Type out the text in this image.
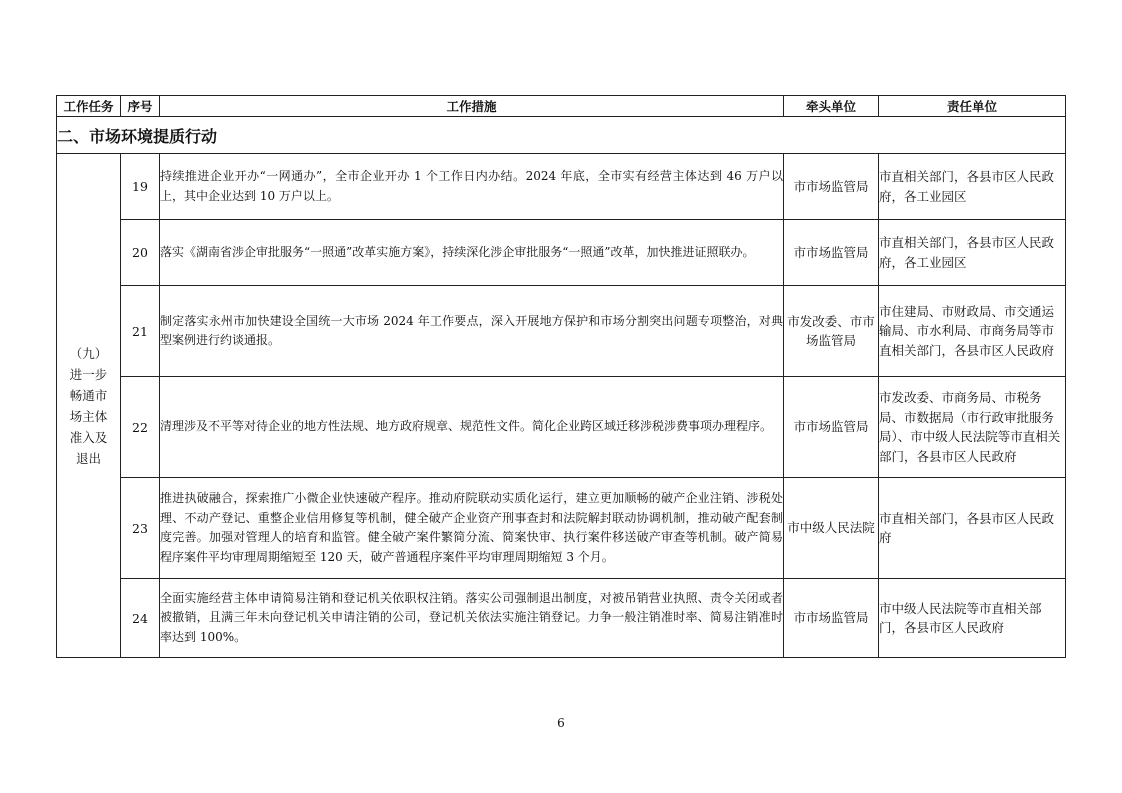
工作任务	序号	工作措施	牵头单位	责任单位
二、市场环境提质行动				

（九）进一步畅通市场主体准入及退出	19	持续推进企业开办“一网通办”，全市企业开办 1 个工作日内办结。2024 年底，全市实有经营主体达到 46 万户以上，其中企业达到 10 万户以上。	市市场监管局	市直相关部门，各县市区人民政府，各工业园区
	20	落实《湖南省涉企审批服务“一照通”改革实施方案》，持续深化涉企审批服务“一照通”改革，加快推进证照联办。	市市场监管局	市直相关部门，各县市区人民政府，各工业园区
	21	制定落实永州市加快建设全国统一大市场 2024 年工作要点，深入开展地方保护和市场分割突出问题专项整治，对典型案例进行约谈通报。	市发改委、市市场监管局	市住建局、市财政局、市交通运输局、市水利局、市商务局等市直相关部门，各县市区人民政府
	22	清理涉及不平等对待企业的地方性法规、地方政府规章、规范性文件。简化企业跨区域迁移涉税涉费事项办理程序。	市市场监管局	市发改委、市商务局、市税务局、市数据局（市行政审批服务局）、市中级人民法院等市直相关部门，各县市区人民政府
	23	推进执破融合，探索推广小微企业快速破产程序。推动府院联动实质化运行，建立更加顺畅的破产企业注销、涉税处理、不动产登记、重整企业信用修复等机制，健全破产企业资产刑事查封和法院解封联动协调机制，推动破产配套制度完善。加强对管理人的培育和监管。健全破产案件繁简分流、简案快审、执行案件移送破产审查等机制。破产简易程序案件平均审理周期缩短至 120 天，破产普通程序案件平均审理周期缩短 3 个月。	市中级人民法院	市直相关部门，各县市区人民政府
	24	全面实施经营主体申请简易注销和登记机关依职权注销。落实公司强制退出制度，对被吊销营业执照、责令关闭或者被撤销，且满三年未向登记机关申请注销的公司，登记机关依法实施注销登记。力争一般注销准时率、简易注销准时率达到 100%。	市市场监管局	市中级人民法院等市直相关部门，各县市区人民政府
6
